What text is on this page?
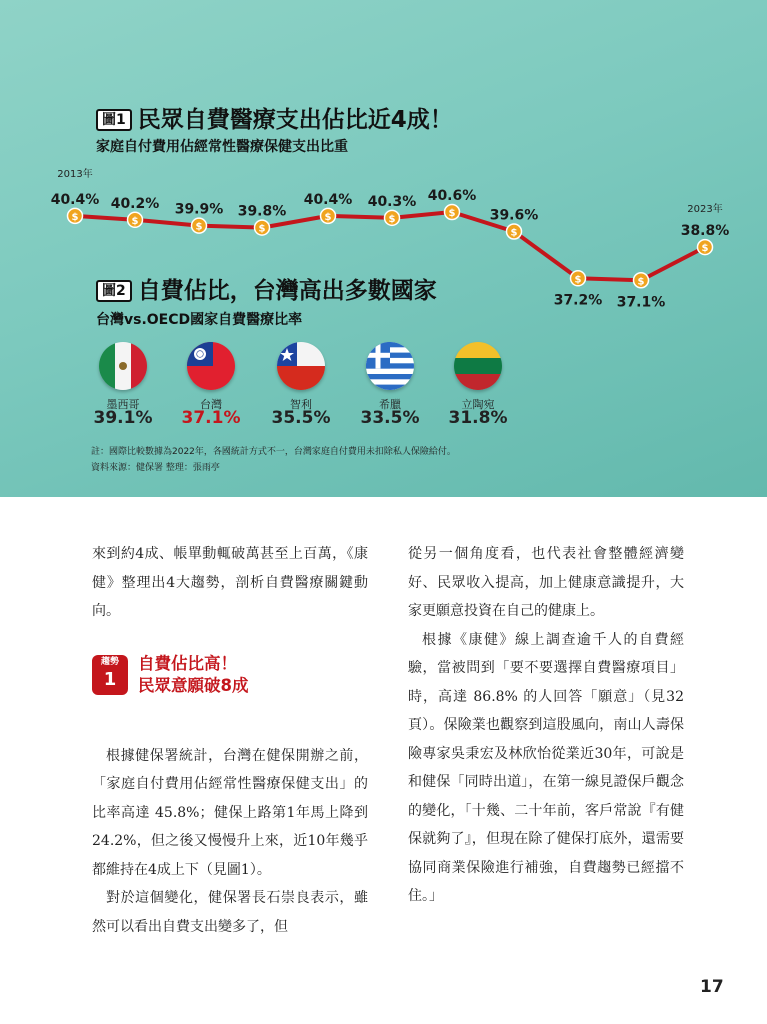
圖1 民眾自費醫療支出佔比近4成！
家庭自付費用佔經常性醫療保健支出比重
2013年
2023年
$
40.4%
$
40.2%
$
39.9%
$
39.8%	$
40.4%
$
40.3%
$
40.6%
$
39.6%
$
37.2%
$
37.1%
$
38.8%
圖2 自費佔比，台灣高出多數國家
台灣vs.OECD國家自費醫療比率
墨西哥
39.1%
台灣
37.1%
智利
35.5%
希臘
33.5%
立陶宛
31.8%
註：國際比較數據為2022年，各國統計方式不一，台灣家庭自付費用未扣除私人保險給付。
資料來源：健保署 整理：張雨亭

來到約4成、帳單動輒破萬甚至上百萬，《康健》整理出4大趨勢，剖析自費醫療關鍵動向。

根據健保署統計，台灣在健保開辦之前，「家庭自付費用佔經常性醫療保健支出」的比率高達 45.8%；健保上路第1年馬上降到 24.2%，但之後又慢慢升上來，近10年幾乎都維持在4成上下（見圖1）。

對於這個變化，健保署長石崇良表示，雖然可以看出自費支出變多了，但

趨勢
1
自費佔比高！
民眾意願破8成

從另一個角度看，也代表社會整體經濟變好、民眾收入提高，加上健康意識提升，大家更願意投資在自己的健康上。

根據《康健》線上調查逾千人的自費經驗，當被問到「要不要選擇自費醫療項目」時，高達 86.8% 的人回答「願意」（見32頁）。保險業也觀察到這股風向，南山人壽保險專家吳秉宏及林欣怡從業近30年，可說是和健保「同時出道」，在第一線見證保戶觀念的變化，「十幾、二十年前，客戶常說『有健保就夠了』，但現在除了健保打底外，還需要協同商業保險進行補強，自費趨勢已經擋不住。」

17
